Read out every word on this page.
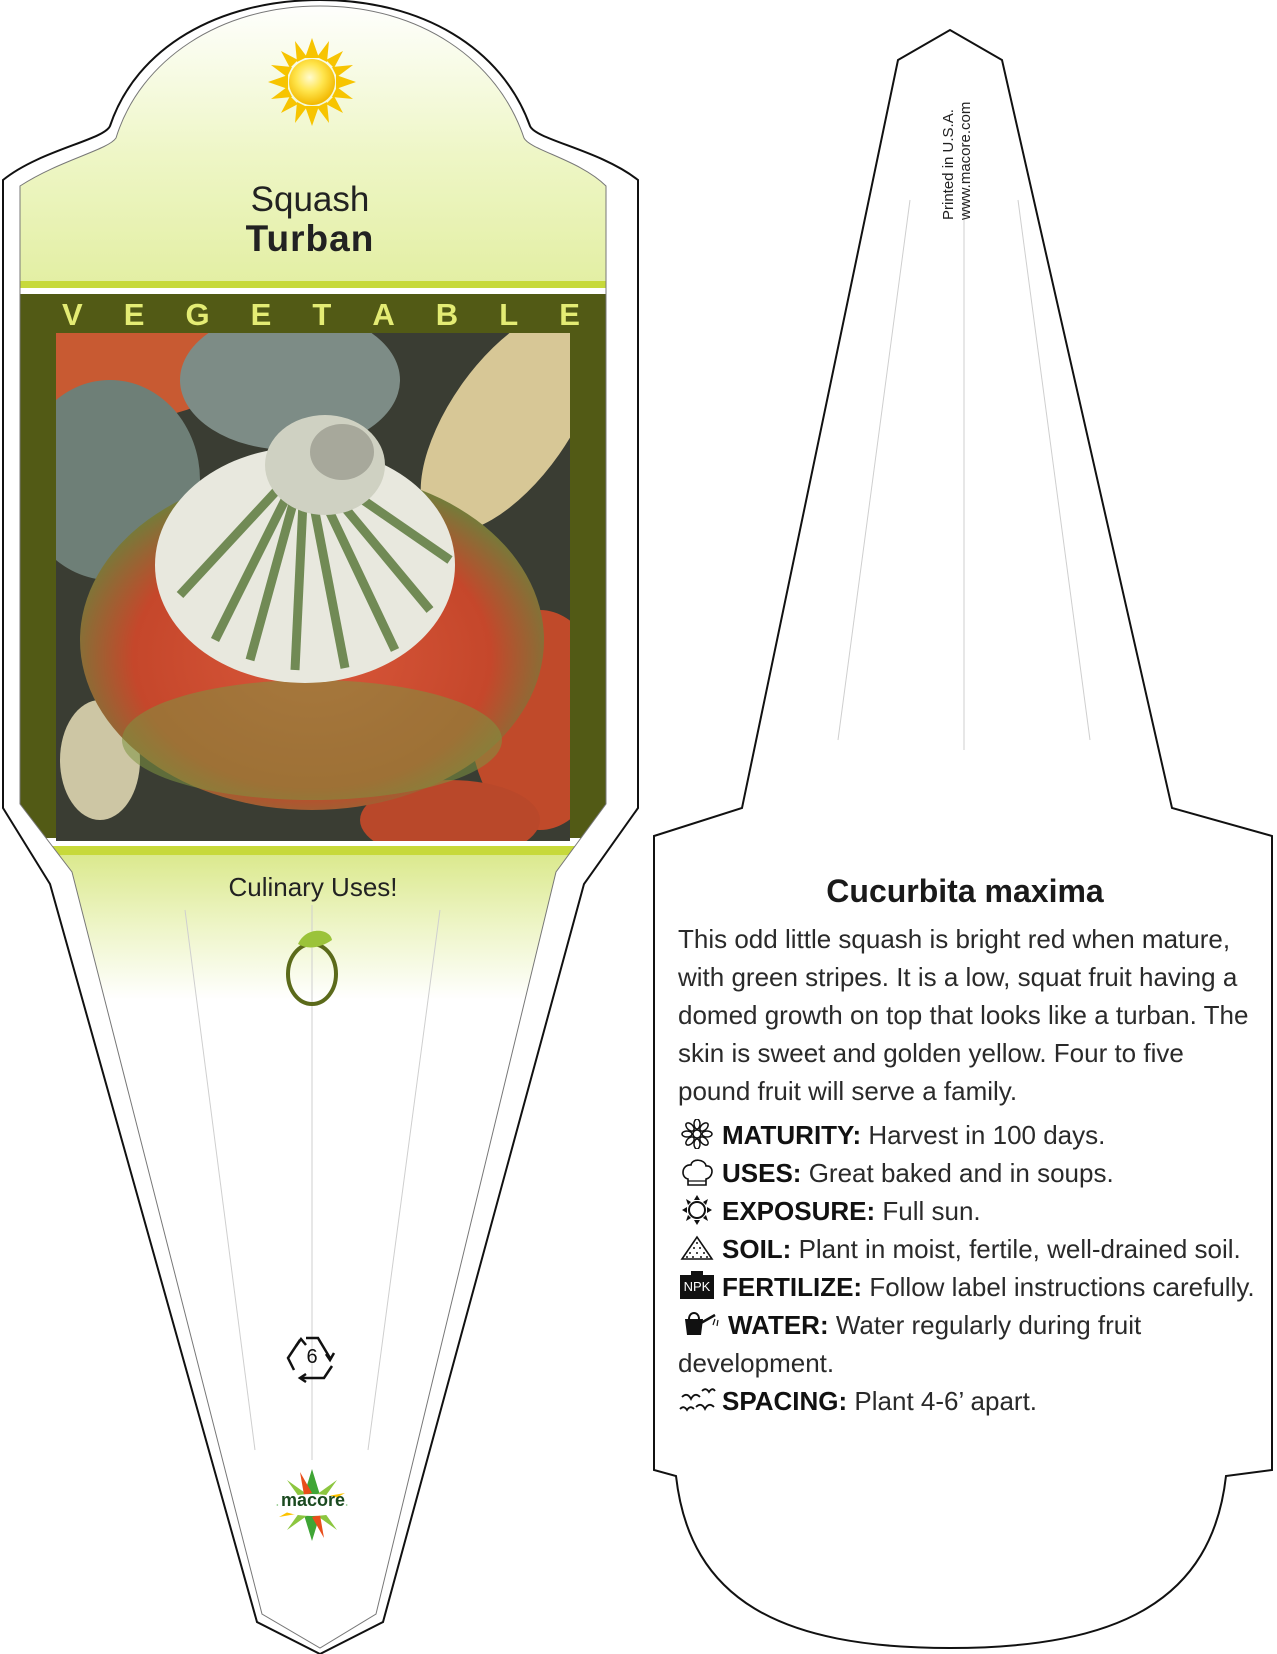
Squash
Turban
V E G E T A B L E
Culinary Uses!
6
macore
Printed in U.S.A. www.macore.com
Cucurbita maxima
This odd little squash is bright red when mature, with green stripes. It is a low, squat fruit having a domed growth on top that looks like a turban. The skin is sweet and golden yellow. Four to five pound fruit will serve a family.
MATURITY: Harvest in 100 days.
USES: Great baked and in soups.
EXPOSURE: Full sun.
SOIL: Plant in moist, fertile, well-drained soil.
NPK FERTILIZE: Follow label instructions carefully.
WATER: Water regularly during fruit development.
SPACING: Plant 4-6’ apart.
